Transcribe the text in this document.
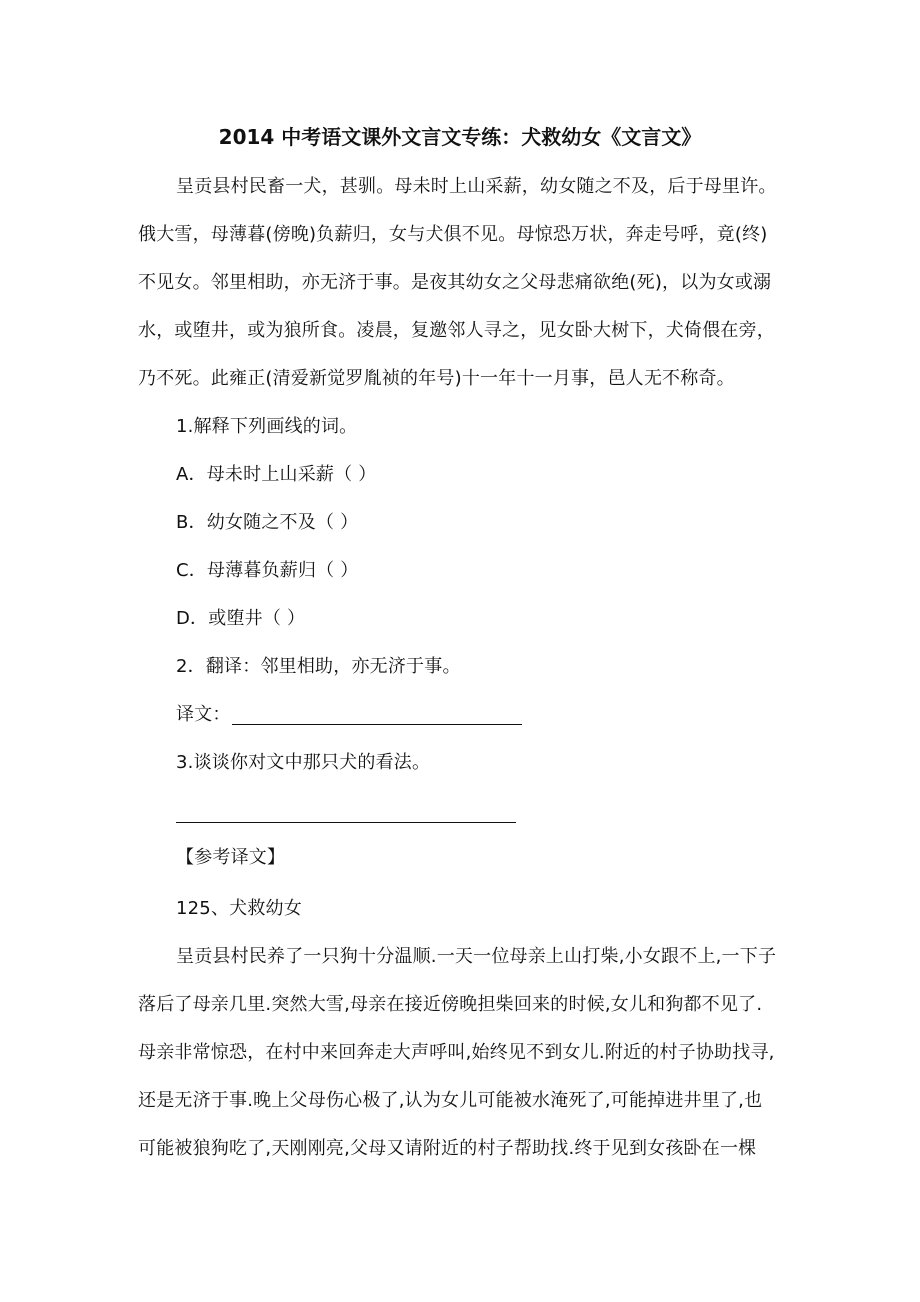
2014 中考语文课外文言文专练：犬救幼女《文言文》
呈贡县村民畜一犬，甚驯。母未时上山采薪，幼女随之不及，后于母里许。
俄大雪，母薄暮(傍晚)负薪归，女与犬俱不见。母惊恐万状，奔走号呼，竟(终)
不见女。邻里相助，亦无济于事。是夜其幼女之父母悲痛欲绝(死)，以为女或溺
水，或堕井，或为狼所食。凌晨，复邀邻人寻之，见女卧大树下，犬倚偎在旁，
乃不死。此雍正(清爱新觉罗胤祯的年号)十一年十一月事，邑人无不称奇。
1.解释下列画线的词。
A．母未时上山采薪（ ）
B．幼女随之不及（ ）
C．母薄暮负薪归（ ）
D．或堕井（ ）
2．翻译：邻里相助，亦无济于事。
译文：
3.谈谈你对文中那只犬的看法。
【参考译文】
125、犬救幼女
呈贡县村民养了一只狗十分温顺.一天一位母亲上山打柴,小女跟不上,一下子
落后了母亲几里.突然大雪,母亲在接近傍晚担柴回来的时候,女儿和狗都不见了.
母亲非常惊恐，在村中来回奔走大声呼叫,始终见不到女儿.附近的村子协助找寻,
还是无济于事.晚上父母伤心极了,认为女儿可能被水淹死了,可能掉进井里了,也
可能被狼狗吃了,天刚刚亮,父母又请附近的村子帮助找.终于见到女孩卧在一棵
